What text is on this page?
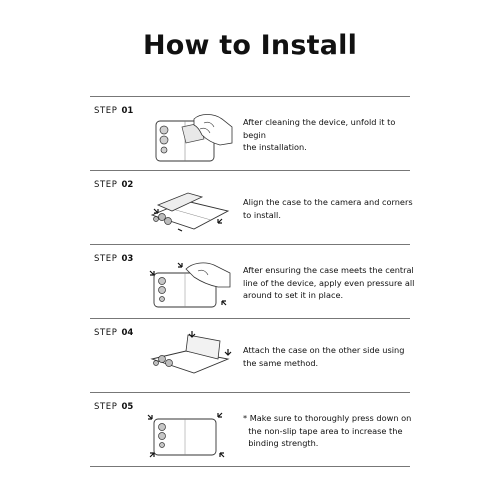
How to Install
STEP 01
After cleaning the device, unfold it to
begin
the installation.
STEP 02
Align the case to the camera and corners
to install.
STEP 03
After ensuring the case meets the central
line of the device, apply even pressure all
around to set it in place.
STEP 04
Attach the case on the other side using
the same method.
STEP 05
* Make sure to thoroughly press down on
the non-slip tape area to increase the
binding strength.
